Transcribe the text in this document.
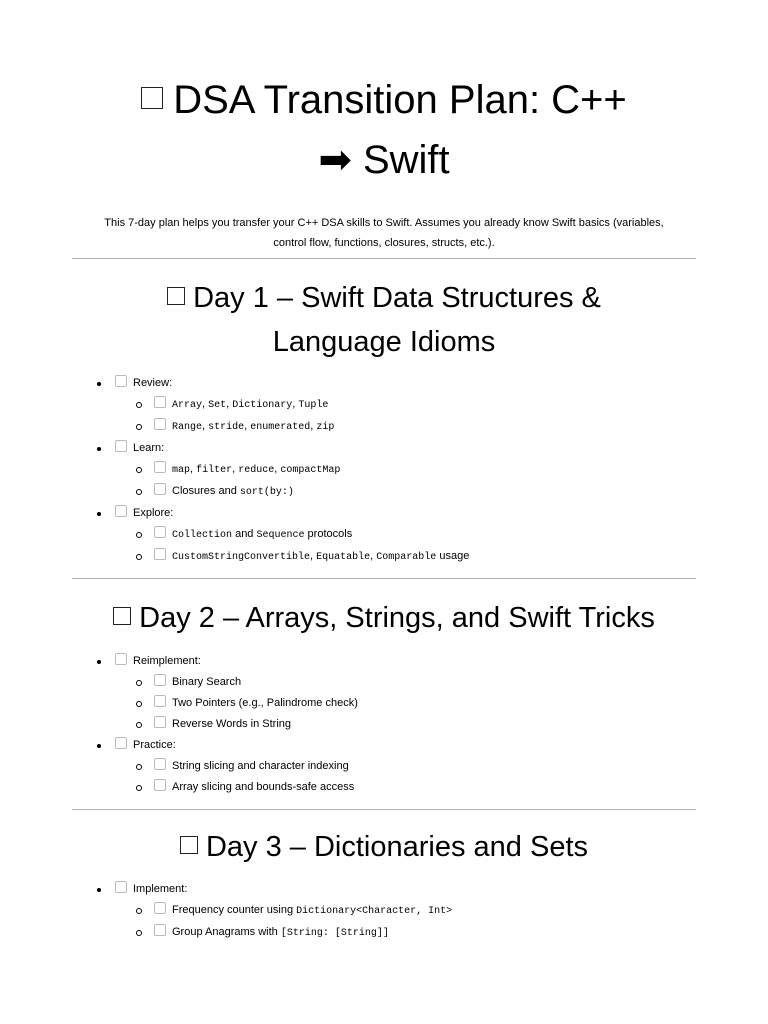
DSA Transition Plan: C++
➡ Swift

This 7-day plan helps you transfer your C++ DSA skills to Swift. Assumes you already know Swift basics (variables,
control flow, functions, closures, structs, etc.).

Day 1 – Swift Data Structures &
Language Idioms
Review:
Array, Set, Dictionary, Tuple
Range, stride, enumerated, zip
Learn:
map, filter, reduce, compactMap
Closures and sort(by:)
Explore:
Collection and Sequence protocols
CustomStringConvertible, Equatable, Comparable usage
Day 2 – Arrays, Strings, and Swift Tricks
Reimplement:
Binary Search
Two Pointers (e.g., Palindrome check)
Reverse Words in String
Practice:
String slicing and character indexing
Array slicing and bounds-safe access
Day 3 – Dictionaries and Sets
Implement:
Frequency counter using Dictionary<Character, Int>
Group Anagrams with [String: [String]]
